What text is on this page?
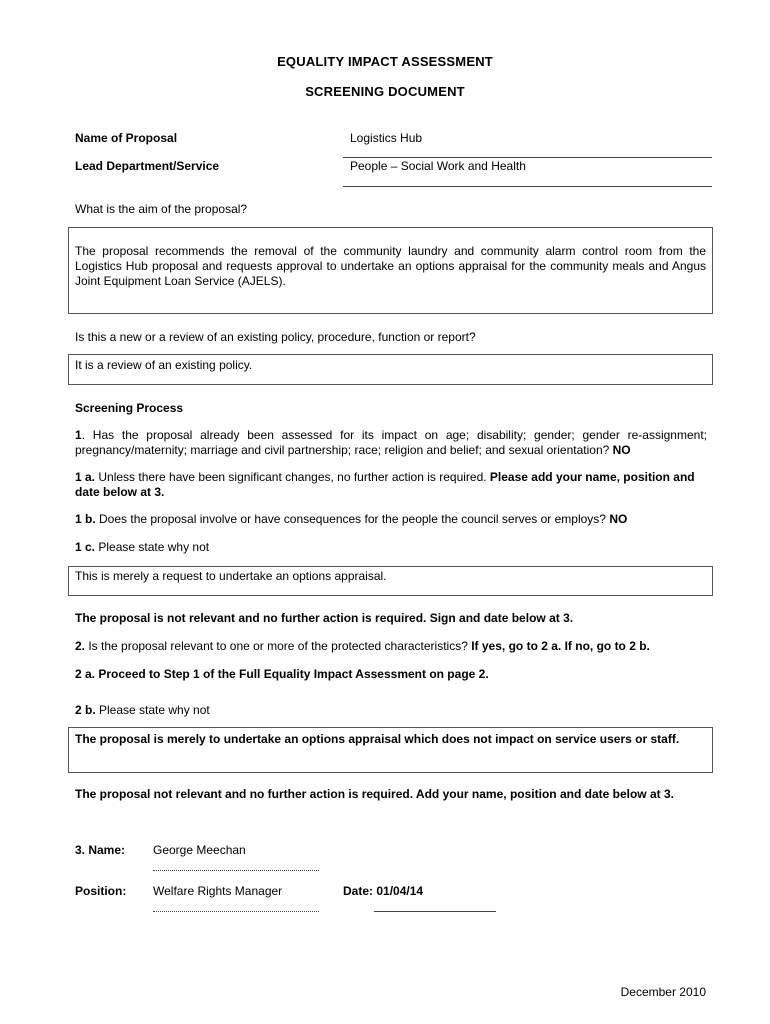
EQUALITY IMPACT ASSESSMENT
SCREENING DOCUMENT
Name of Proposal	Logistics Hub
Lead Department/Service	People – Social Work and Health
What is the aim of the proposal?
The proposal recommends the removal of the community laundry and community alarm control room from the Logistics Hub proposal and requests approval to undertake an options appraisal for the community meals and Angus Joint Equipment Loan Service (AJELS).
Is this a new or a review of an existing policy, procedure, function or report?
It is a review of an existing policy.
Screening Process
1. Has the proposal already been assessed for its impact on age; disability; gender; gender re-assignment; pregnancy/maternity; marriage and civil partnership; race; religion and belief; and sexual orientation? NO
1 a. Unless there have been significant changes, no further action is required. Please add your name, position and date below at 3.
1 b. Does the proposal involve or have consequences for the people the council serves or employs? NO
1 c. Please state why not
This is merely a request to undertake an options appraisal.
The proposal is not relevant and no further action is required. Sign and date below at 3.
2. Is the proposal relevant to one or more of the protected characteristics? If yes, go to 2 a. If no, go to 2 b.
2 a. Proceed to Step 1 of the Full Equality Impact Assessment on page 2.
2 b. Please state why not
The proposal is merely to undertake an options appraisal which does not impact on service users or staff.
The proposal not relevant and no further action is required. Add your name, position and date below at 3.
3. Name: George Meechan
Position: Welfare Rights Manager	Date: 01/04/14
December 2010
